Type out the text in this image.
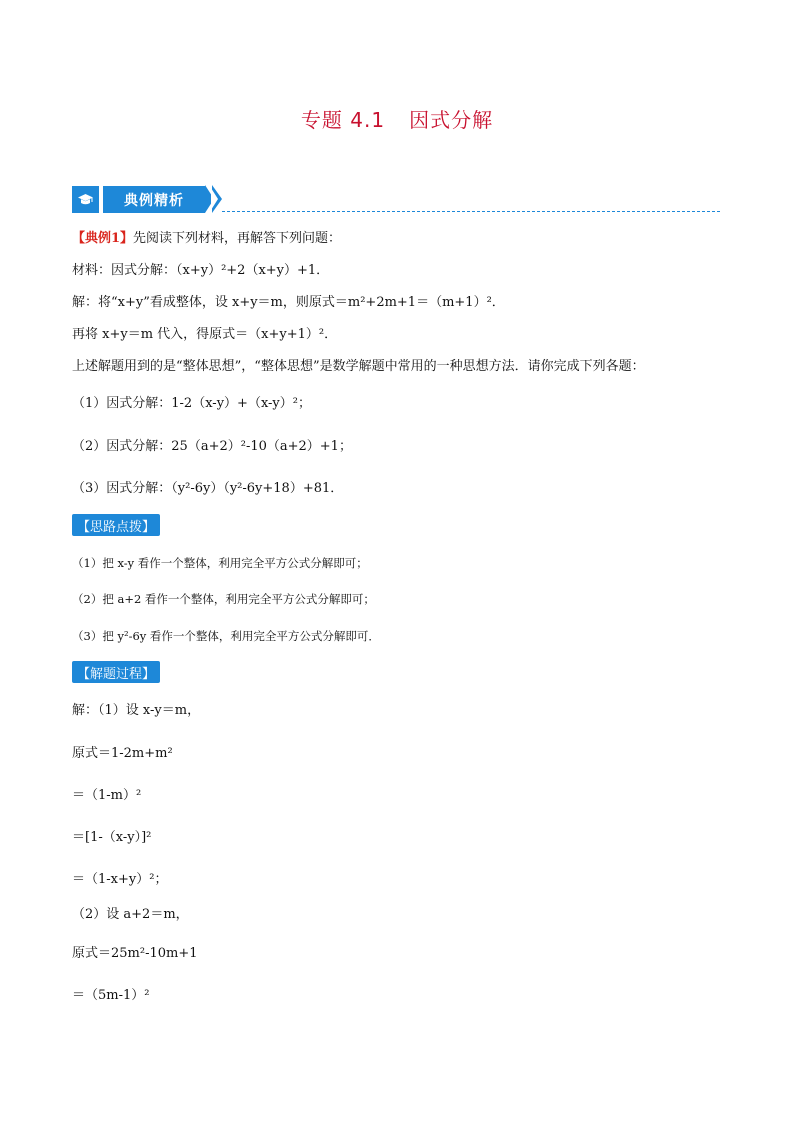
专题 4.1 因式分解
典例精析
【典例1】先阅读下列材料，再解答下列问题：
材料：因式分解：（x+y）²+2（x+y）+1．
解：将“x+y”看成整体，设 x+y＝m，则原式＝m²+2m+1＝（m+1）²．
再将 x+y＝m 代入，得原式＝（x+y+1）²．
上述解题用到的是“整体思想”，“整体思想”是数学解题中常用的一种思想方法．请你完成下列各题：
（1）因式分解：1-2（x-y）+（x-y）²；
（2）因式分解：25（a+2）²-10（a+2）+1；
（3）因式分解：（y²-6y）（y²-6y+18）+81．
【思路点拨】
（1）把 x-y 看作一个整体，利用完全平方公式分解即可；
（2）把 a+2 看作一个整体，利用完全平方公式分解即可；
（3）把 y²-6y 看作一个整体，利用完全平方公式分解即可．
【解题过程】
解：（1）设 x-y＝m，
原式＝1-2m+m²
＝（1-m）²
＝[1-（x-y）]²
＝（1-x+y）²；
（2）设 a+2＝m，
原式＝25m²-10m+1
＝（5m-1）²
